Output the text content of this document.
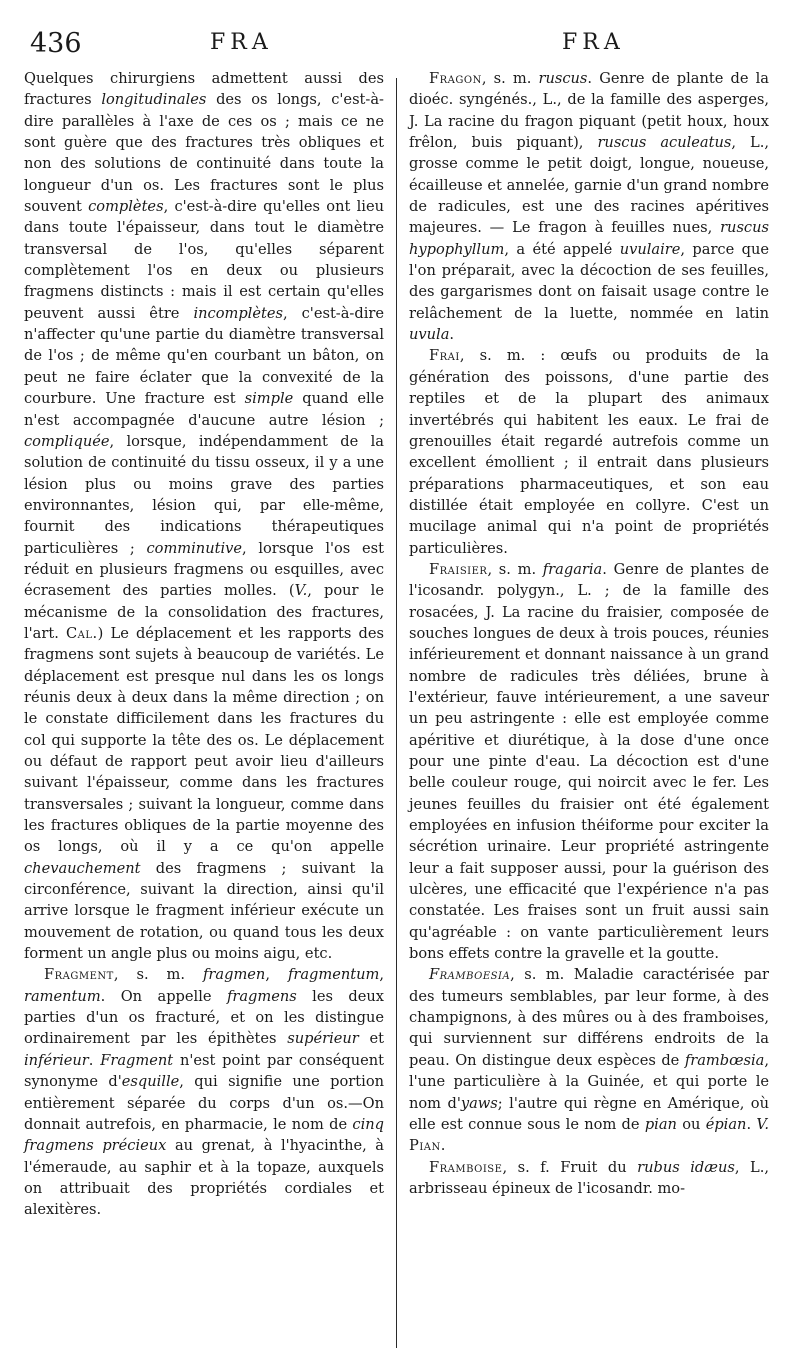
436	FRA	FRA

Quelques chirurgiens admettent aussi des fractures longitudinales des os longs, c'est-à-dire parallèles à l'axe de ces os ; mais ce ne sont guère que des fractures très obliques et non des solutions de continuité dans toute la longueur d'un os. Les fractures sont le plus souvent complètes, c'est-à-dire qu'elles ont lieu dans toute l'épaisseur, dans tout le diamètre transversal de l'os, qu'elles séparent complètement l'os en deux ou plusieurs fragmens distincts : mais il est certain qu'elles peuvent aussi être incomplètes, c'est-à-dire n'affecter qu'une partie du diamètre transversal de l'os ; de même qu'en courbant un bâton, on peut ne faire éclater que la convexité de la courbure. Une fracture est simple quand elle n'est accompagnée d'aucune autre lésion ; compliquée, lorsque, indépendamment de la solution de continuité du tissu osseux, il y a une lésion plus ou moins grave des parties environnantes, lésion qui, par elle-même, fournit des indications thérapeutiques particulières ; comminutive, lorsque l'os est réduit en plusieurs fragmens ou esquilles, avec écrasement des parties molles. (V., pour le mécanisme de la consolidation des fractures, l'art. Cal.) Le déplacement et les rapports des fragmens sont sujets à beaucoup de variétés. Le déplacement est presque nul dans les os longs réunis deux à deux dans la même direction ; on le constate difficilement dans les fractures du col qui supporte la tête des os. Le déplacement ou défaut de rapport peut avoir lieu d'ailleurs suivant l'épaisseur, comme dans les fractures transversales ; suivant la longueur, comme dans les fractures obliques de la partie moyenne des os longs, où il y a ce qu'on appelle chevauchement des fragmens ; suivant la circonférence, suivant la direction, ainsi qu'il arrive lorsque le fragment inférieur exécute un mouvement de rotation, ou quand tous les deux forment un angle plus ou moins aigu, etc.

Fragment, s. m. fragmen, fragmentum, ramentum. On appelle fragmens les deux parties d'un os fracturé, et on les distingue ordinairement par les épithètes supérieur et inférieur. Fragment n'est point par conséquent synonyme d'esquille, qui signifie une portion entièrement séparée du corps d'un os.—On donnait autrefois, en pharmacie, le nom de cinq fragmens précieux au grenat, à l'hyacinthe, à l'émeraude, au saphir et à la topaze, auxquels on attribuait des propriétés cordiales et alexitères.

Fragon, s. m. ruscus. Genre de plante de la dioéc. syngénés., L., de la famille des asperges, J. La racine du fragon piquant (petit houx, houx frêlon, buis piquant), ruscus aculeatus, L., grosse comme le petit doigt, longue, noueuse, écailleuse et annelée, garnie d'un grand nombre de radicules, est une des racines apéritives majeures. — Le fragon à feuilles nues, ruscus hypophyllum, a été appelé uvulaire, parce que l'on préparait, avec la décoction de ses feuilles, des gargarismes dont on faisait usage contre le relâchement de la luette, nommée en latin uvula.

Frai, s. m. : œufs ou produits de la génération des poissons, d'une partie des reptiles et de la plupart des animaux invertébrés qui habitent les eaux. Le frai de grenouilles était regardé autrefois comme un excellent émollient ; il entrait dans plusieurs préparations pharmaceutiques, et son eau distillée était employée en collyre. C'est un mucilage animal qui n'a point de propriétés particulières.

Fraisier, s. m. fragaria. Genre de plantes de l'icosandr. polygyn., L. ; de la famille des rosacées, J. La racine du fraisier, composée de souches longues de deux à trois pouces, réunies inférieurement et donnant naissance à un grand nombre de radicules très déliées, brune à l'extérieur, fauve intérieurement, a une saveur un peu astringente : elle est employée comme apéritive et diurétique, à la dose d'une once pour une pinte d'eau. La décoction est d'une belle couleur rouge, qui noircit avec le fer. Les jeunes feuilles du fraisier ont été également employées en infusion théiforme pour exciter la sécrétion urinaire. Leur propriété astringente leur a fait supposer aussi, pour la guérison des ulcères, une efficacité que l'expérience n'a pas constatée. Les fraises sont un fruit aussi sain qu'agréable : on vante particulièrement leurs bons effets contre la gravelle et la goutte.

Framboesia, s. m. Maladie caractérisée par des tumeurs semblables, par leur forme, à des champignons, à des mûres ou à des framboises, qui surviennent sur différens endroits de la peau. On distingue deux espèces de frambœsia, l'une particulière à la Guinée, et qui porte le nom d'yaws; l'autre qui règne en Amérique, où elle est connue sous le nom de pian ou épian. V. Pian.

Framboise, s. f. Fruit du rubus idæus, L., arbrisseau épineux de l'icosandr. mo-
